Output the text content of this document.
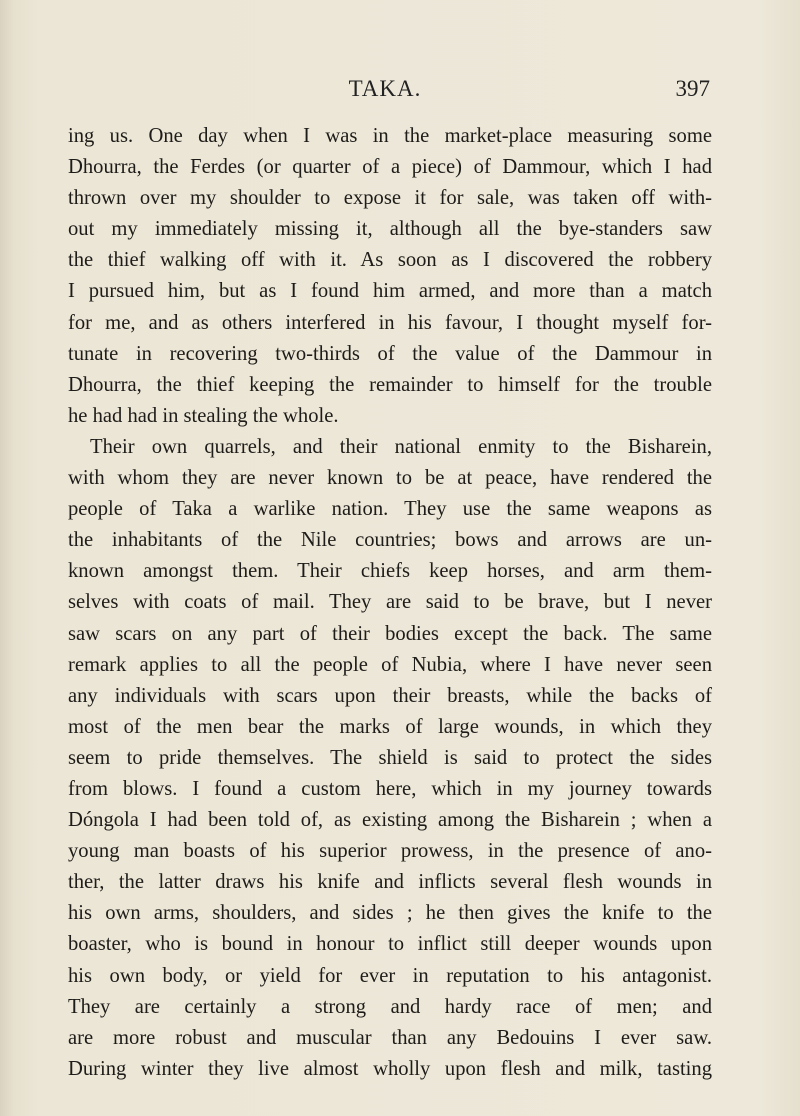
TAKA.	397
ing us. One day when I was in the market-place measuring some
Dhourra, the Ferdes (or quarter of a piece) of Dammour, which I had
thrown over my shoulder to expose it for sale, was taken off with-
out my immediately missing it, although all the bye-standers saw
the thief walking off with it. As soon as I discovered the robbery
I pursued him, but as I found him armed, and more than a match
for me, and as others interfered in his favour, I thought myself for-
tunate in recovering two-thirds of the value of the Dammour in
Dhourra, the thief keeping the remainder to himself for the trouble
he had had in stealing the whole.
Their own quarrels, and their national enmity to the Bisharein,
with whom they are never known to be at peace, have rendered the
people of Taka a warlike nation. They use the same weapons as
the inhabitants of the Nile countries; bows and arrows are un-
known amongst them. Their chiefs keep horses, and arm them-
selves with coats of mail. They are said to be brave, but I never
saw scars on any part of their bodies except the back. The same
remark applies to all the people of Nubia, where I have never seen
any individuals with scars upon their breasts, while the backs of
most of the men bear the marks of large wounds, in which they
seem to pride themselves. The shield is said to protect the sides
from blows. I found a custom here, which in my journey towards
Dóngola I had been told of, as existing among the Bisharein ; when a
young man boasts of his superior prowess, in the presence of ano-
ther, the latter draws his knife and inflicts several flesh wounds in
his own arms, shoulders, and sides ; he then gives the knife to the
boaster, who is bound in honour to inflict still deeper wounds upon
his own body, or yield for ever in reputation to his antagonist.
They are certainly a strong and hardy race of men; and
are more robust and muscular than any Bedouins I ever saw.
During winter they live almost wholly upon flesh and milk, tasting
